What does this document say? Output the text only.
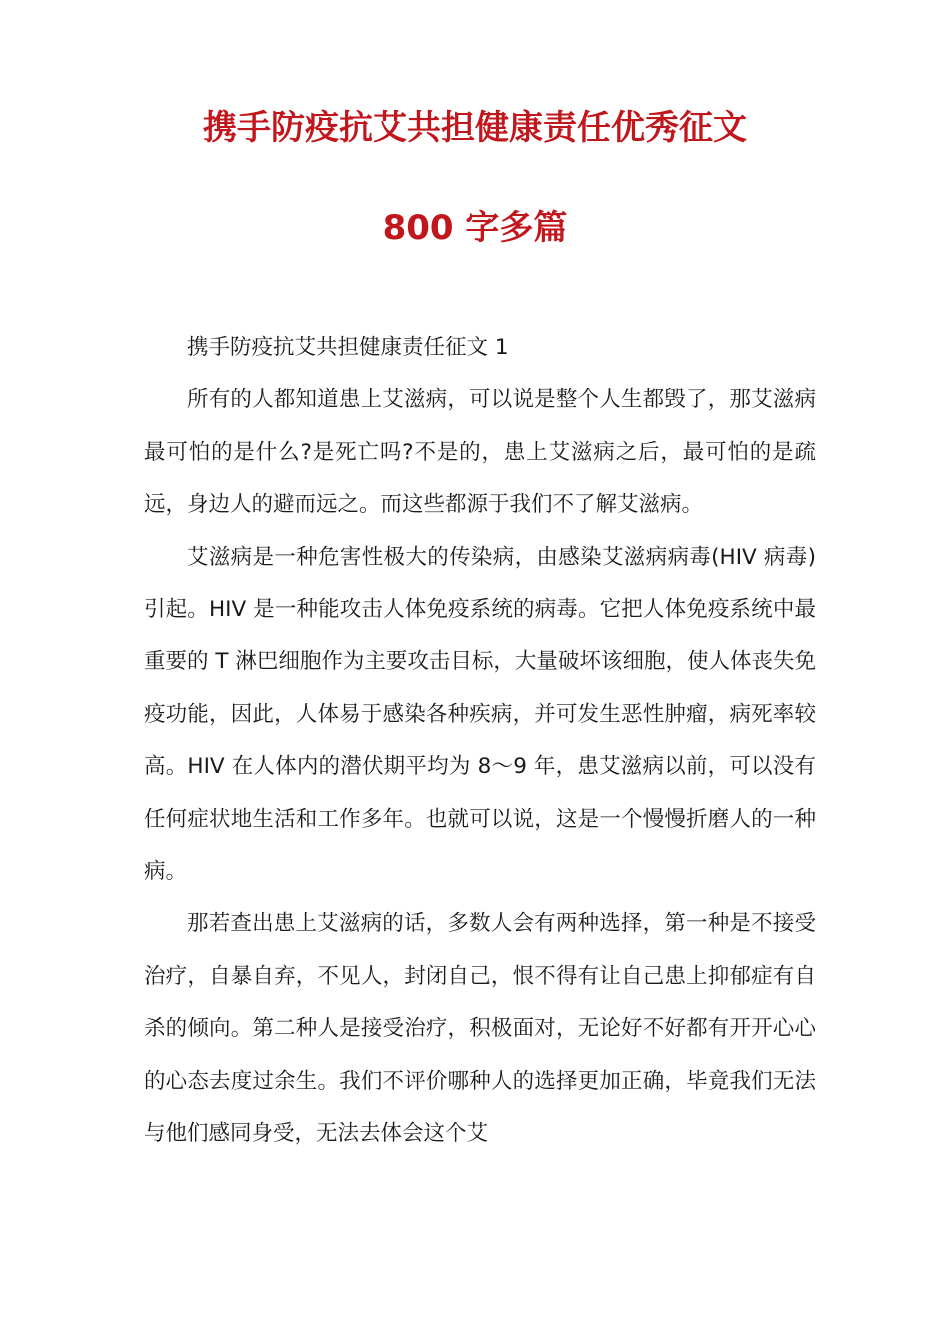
携手防疫抗艾共担健康责任优秀征文
800 字多篇

携手防疫抗艾共担健康责任征文 1

所有的人都知道患上艾滋病，可以说是整个人生都毁了，那艾滋病最可怕的是什么?是死亡吗?不是的，患上艾滋病之后，最可怕的是疏远，身边人的避而远之。而这些都源于我们不了解艾滋病。

艾滋病是一种危害性极大的传染病，由感染艾滋病病毒(HIV 病毒)引起。HIV 是一种能攻击人体免疫系统的病毒。它把人体免疫系统中最重要的 T 淋巴细胞作为主要攻击目标，大量破坏该细胞，使人体丧失免疫功能，因此，人体易于感染各种疾病，并可发生恶性肿瘤，病死率较高。HIV 在人体内的潜伏期平均为 8～9 年，患艾滋病以前，可以没有任何症状地生活和工作多年。也就可以说，这是一个慢慢折磨人的一种病。

那若查出患上艾滋病的话，多数人会有两种选择，第一种是不接受治疗，自暴自弃，不见人，封闭自己，恨不得有让自己患上抑郁症有自杀的倾向。第二种人是接受治疗，积极面对，无论好不好都有开开心心的心态去度过余生。我们不评价哪种人的选择更加正确，毕竟我们无法与他们感同身受，无法去体会这个艾
